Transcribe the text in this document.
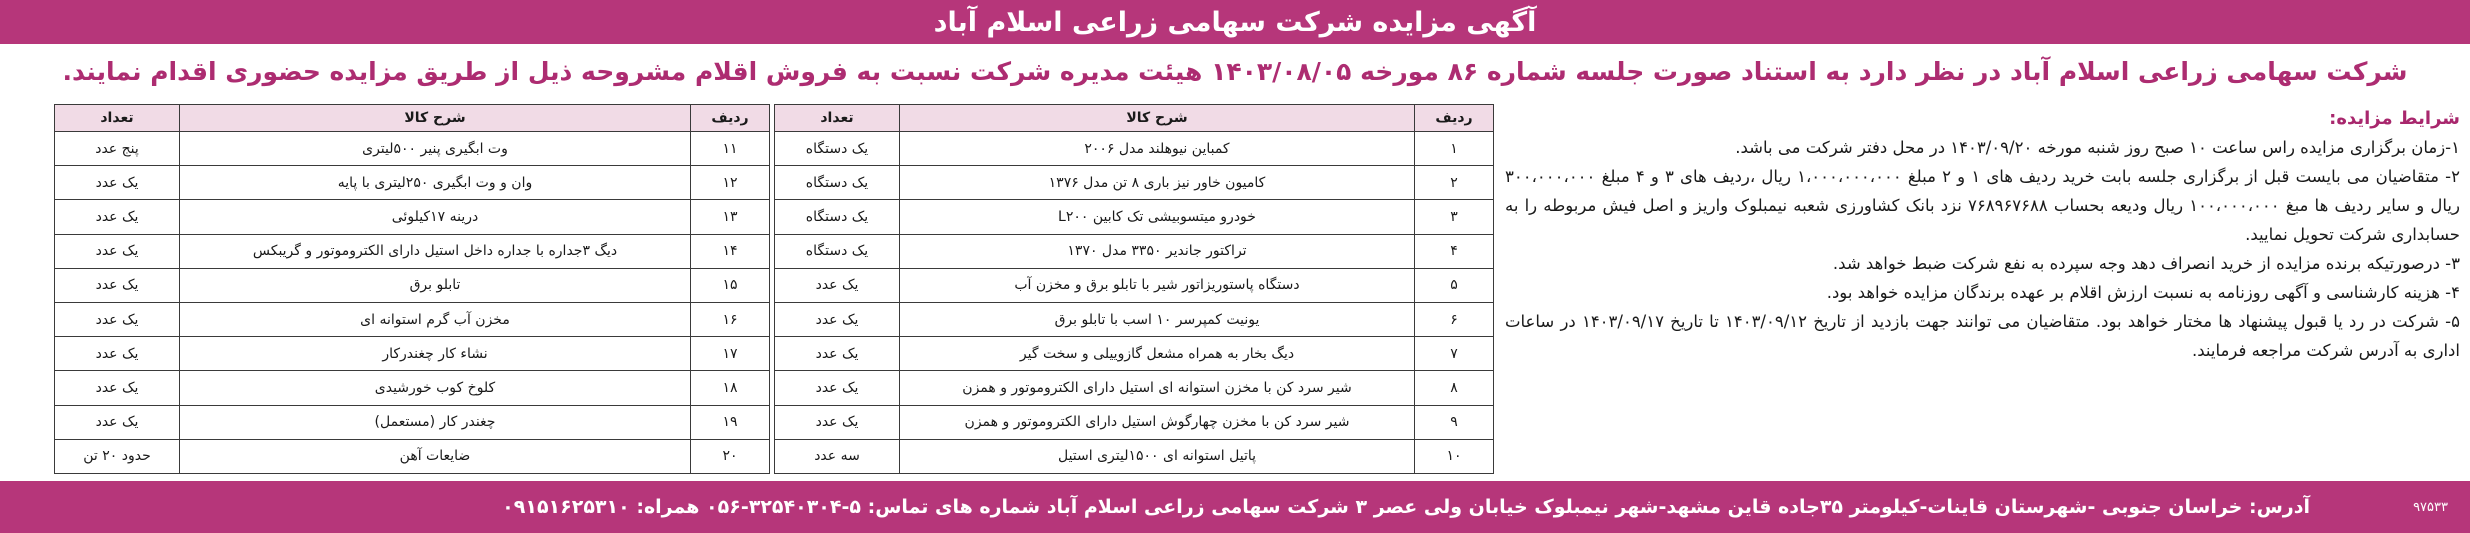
آگهی مزایده شرکت سهامی زراعی اسلام آباد
شرکت سهامی زراعی اسلام آباد در نظر دارد به استناد صورت جلسه شماره ۸۶ مورخه ۱۴۰۳/۰۸/۰۵ هیئت مدیره شرکت نسبت به فروش اقلام مشروحه ذیل از طریق مزایده حضوری اقدام نمایند.
شرایط مزایده:

۱-زمان برگزاری مزایده راس ساعت ۱۰ صبح روز شنبه مورخه ۱۴۰۳/۰۹/۲۰ در محل دفتر شرکت می باشد.

۲- متقاضیان می بایست قبل از برگزاری جلسه بابت خرید ردیف های ۱ و ۲ مبلغ ۱،۰۰۰،۰۰۰،۰۰۰ ریال ،ردیف های ۳ و ۴ مبلغ ۳۰۰،۰۰۰،۰۰۰ ریال و سایر ردیف ها مبغ ۱۰۰،۰۰۰،۰۰۰ ریال ودیعه بحساب ۷۶۸۹۶۷۶۸۸ نزد بانک کشاورزی شعبه نیمبلوک واریز و اصل فیش مربوطه را به حسابداری شرکت تحویل نمایید.

۳- درصورتیکه برنده مزایده از خرید انصراف دهد وجه سپرده به نفع شرکت ضبط خواهد شد.

۴- هزینه کارشناسی و آگهی روزنامه به نسبت ارزش اقلام بر عهده برندگان مزایده خواهد بود.

۵- شرکت در رد یا قبول پیشنهاد ها مختار خواهد بود. متقاضیان می توانند جهت بازدید از تاریخ ۱۴۰۳/۰۹/۱۲ تا تاریخ ۱۴۰۳/۰۹/۱۷ در ساعات اداری به آدرس شرکت مراجعه فرمایند.

ردیف	شرح کالا	تعداد
۱	کمباین نیوهلند مدل ۲۰۰۶	یک دستگاه
۲	کامیون خاور نیز باری ۸ تن مدل ۱۳۷۶	یک دستگاه
۳	خودرو میتسوبیشی تک کابین L۲۰۰	یک دستگاه
۴	تراکتور جاندیر ۳۳۵۰ مدل ۱۳۷۰	یک دستگاه
۵	دستگاه پاستوریزاتور شیر با تابلو برق و مخزن آب	یک عدد
۶	یونیت کمپرسر ۱۰ اسب با تابلو برق	یک عدد
۷	دیگ بخار به همراه مشعل گازوییلی و سخت گیر	یک عدد
۸	شیر سرد کن با مخزن استوانه ای استیل دارای الکتروموتور و همزن	یک عدد
۹	شیر سرد کن با مخزن چهارگوش استیل دارای الکتروموتور و همزن	یک عدد
۱۰	پاتیل استوانه ای ۱۵۰۰لیتری استیل	سه عدد
ردیف	شرح کالا	تعداد
۱۱	وت ابگیری پنیر ۵۰۰لیتری	پنج عدد
۱۲	وان و وت ابگیری ۲۵۰لیتری با پایه	یک عدد
۱۳	درینه ۱۷کیلوئی	یک عدد
۱۴	دیگ ۳جداره با جداره داخل استیل دارای الکتروموتور و گریبکس	یک عدد
۱۵	تابلو برق	یک عدد
۱۶	مخزن آب گرم استوانه ای	یک عدد
۱۷	نشاء کار چغندرکار	یک عدد
۱۸	کلوخ کوب خورشیدی	یک عدد
۱۹	چغندر کار (مستعمل)	یک عدد
۲۰	ضایعات آهن	حدود ۲۰ تن
آدرس: خراسان جنوبی -شهرستان قاینات-کیلومتر ۳۵جاده قاین مشهد-شهر نیمبلوک خیابان ولی عصر ۳ شرکت سهامی زراعی اسلام آباد شماره های تماس: ۵-۳۲۵۴۰۳۰۴-۰۵۶ همراه: ۰۹۱۵۱۶۲۵۳۱۰	۹۷۵۳۳
